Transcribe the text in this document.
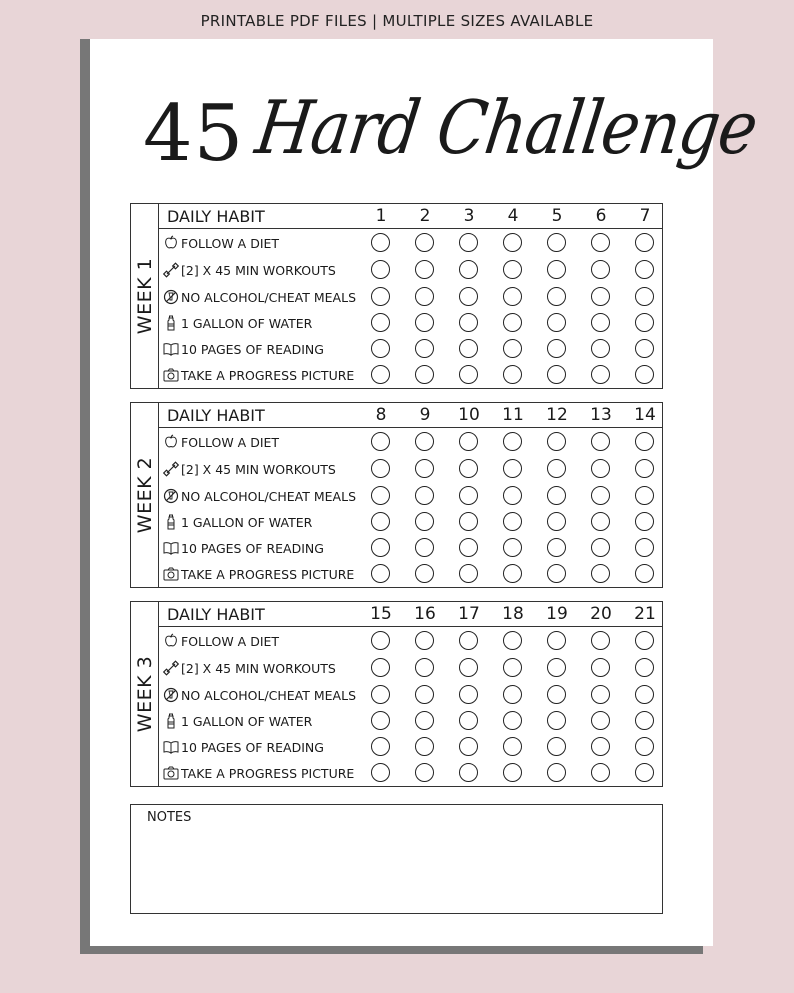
PRINTABLE PDF FILES | MULTIPLE SIZES AVAILABLE
45 Hard Challenge
WEEK 1
DAILY HABIT	1	2	3	4	5	6	7
FOLLOW A DIET
[2] X 45 MIN WORKOUTS
NO ALCOHOL/CHEAT MEALS
1 GALLON OF WATER
10 PAGES OF READING
TAKE A PROGRESS PICTURE
WEEK 2
DAILY HABIT	8	9	10	11	12	13	14
FOLLOW A DIET
[2] X 45 MIN WORKOUTS
NO ALCOHOL/CHEAT MEALS
1 GALLON OF WATER
10 PAGES OF READING
TAKE A PROGRESS PICTURE
WEEK 3
DAILY HABIT	15	16	17	18	19	20	21
FOLLOW A DIET
[2] X 45 MIN WORKOUTS
NO ALCOHOL/CHEAT MEALS
1 GALLON OF WATER
10 PAGES OF READING
TAKE A PROGRESS PICTURE
NOTES
